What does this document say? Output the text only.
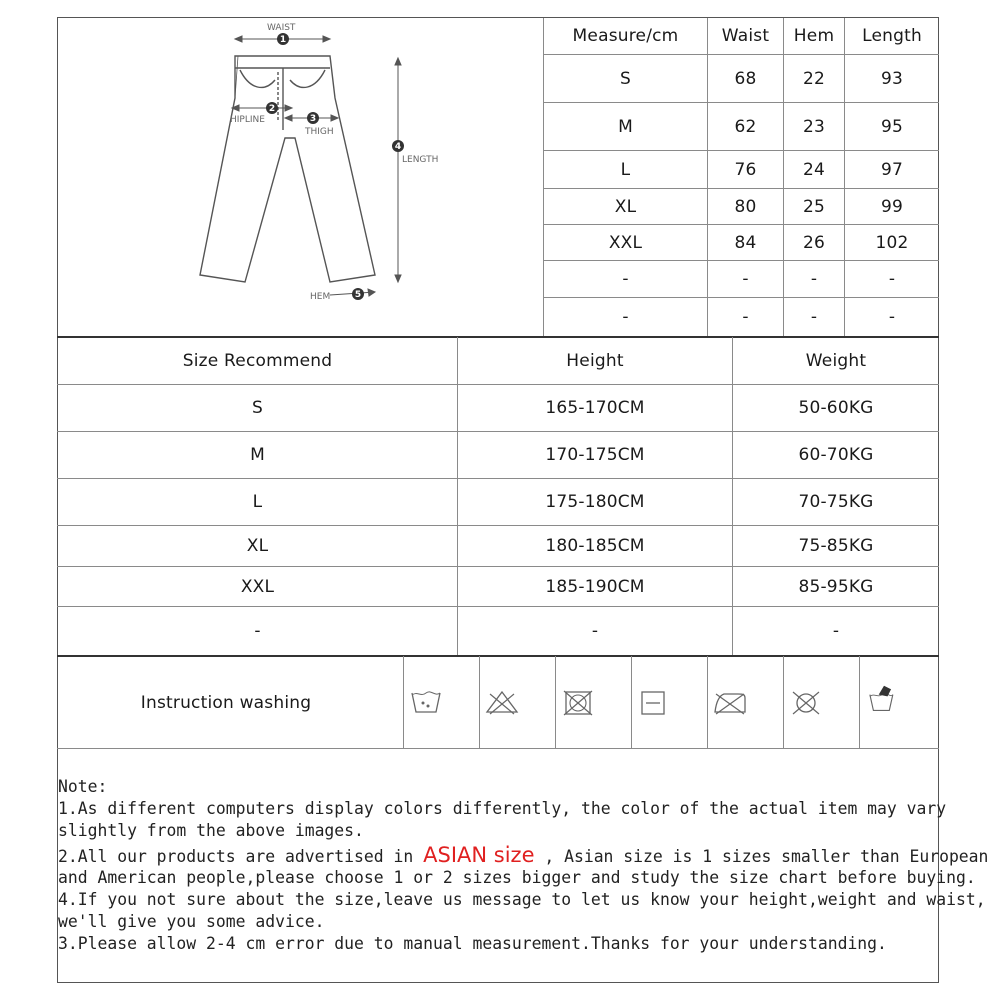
1
2
3
4
5
WAIST
HIPLINE
THIGH
LENGTH
HEM
Measure/cm	Waist	Hem	Length
S	68	22	93
M	62	23	95
L	76	24	97
XL	80	25	99
XXL	84	26	102
-	-	-	-
-	-	-	-
Size Recommend	Height	Weight
S	165-170CM	50-60KG
M	170-175CM	60-70KG
L	175-180CM	70-75KG
XL	180-185CM	75-85KG
XXL	185-190CM	85-95KG
-	-	-
Instruction washing
Note:
1.As different computers display colors differently, the color of the actual item may vary
slightly from the above images.
2.All our products are advertised in ASIAN size , Asian size is 1 sizes smaller than European
and American people,please choose 1 or 2 sizes bigger and study the size chart before buying.
4.If you not sure about the size,leave us message to let us know your height,weight and waist,
we'll give you some advice.
3.Please allow 2-4 cm error due to manual measurement.Thanks for your understanding.
